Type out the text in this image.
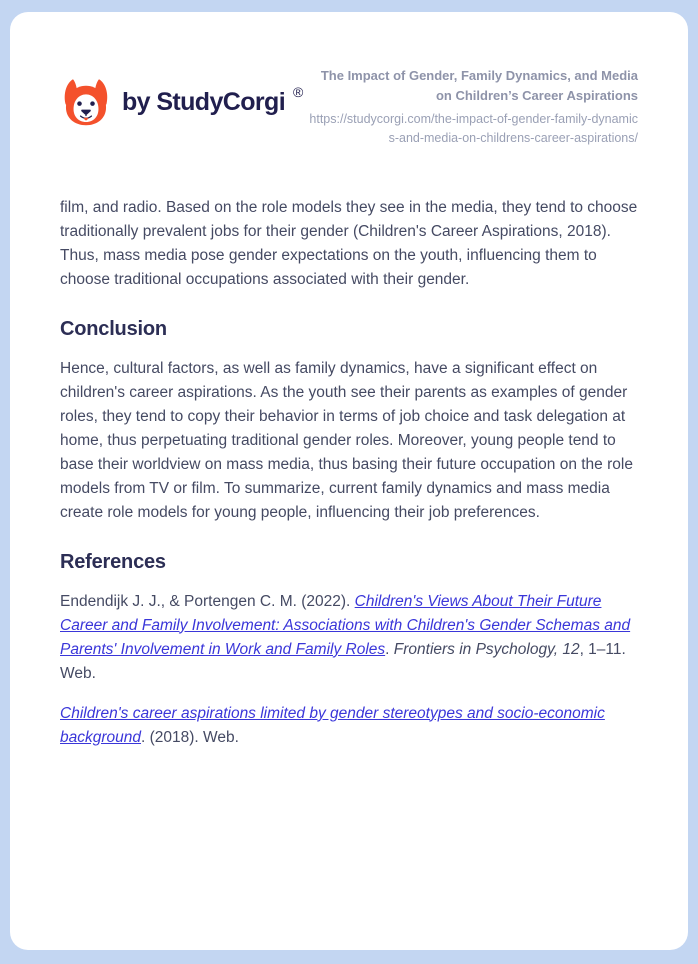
by StudyCorgi ®
The Impact of Gender, Family Dynamics, and Media on Children’s Career Aspirations
https://studycorgi.com/the-impact-of-gender-family-dynamics-and-media-on-childrens-career-aspirations/

film, and radio. Based on the role models they see in the media, they tend to choose traditionally prevalent jobs for their gender (Children's Career Aspirations, 2018). Thus, mass media pose gender expectations on the youth, influencing them to choose traditional occupations associated with their gender.

Conclusion

Hence, cultural factors, as well as family dynamics, have a significant effect on children's career aspirations. As the youth see their parents as examples of gender roles, they tend to copy their behavior in terms of job choice and task delegation at home, thus perpetuating traditional gender roles. Moreover, young people tend to base their worldview on mass media, thus basing their future occupation on the role models from TV or film. To summarize, current family dynamics and mass media create role models for young people, influencing their job preferences.

References

Endendijk J. J., & Portengen C. M. (2022). Children's Views About Their Future Career and Family Involvement: Associations with Children's Gender Schemas and Parents' Involvement in Work and Family Roles. Frontiers in Psychology, 12, 1–11. Web.

Children's career aspirations limited by gender stereotypes and socio-economic background. (2018). Web.
